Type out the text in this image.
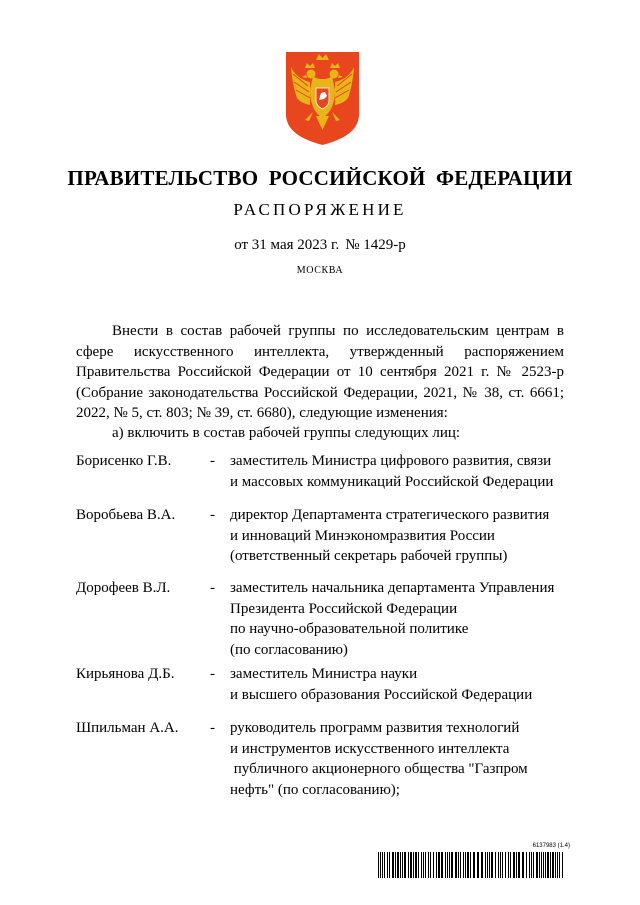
ПРАВИТЕЛЬСТВО РОССИЙСКОЙ ФЕДЕРАЦИИ
РАСПОРЯЖЕНИЕ
от 31 мая 2023 г. № 1429-р
МОСКВА
Внести в состав рабочей группы по исследовательским центрам в сфере искусственного интеллекта, утвержденный распоряжением Правительства Российской Федерации от 10 сентября 2021 г. № 2523-р (Собрание законодательства Российской Федерации, 2021, № 38, ст. 6661; 2022, № 5, ст. 803; № 39, ст. 6680), следующие изменения:
а) включить в состав рабочей группы следующих лиц:
Борисенко Г.В.	- заместитель Министра цифрового развития, связи
и массовых коммуникаций Российской Федерации
Воробьева В.А.	- директор Департамента стратегического развития
и инноваций Минэкономразвития России
(ответственный секретарь рабочей группы)
Дорофеев В.Л.	- заместитель начальника департамента Управления
Президента Российской Федерации
по научно-образовательной политике
(по согласованию)
Кирьянова Д.Б.	- заместитель Министра науки
и высшего образования Российской Федерации
Шпильман А.А.	- руководитель программ развития технологий
и инструментов искусственного интеллекта
публичного акционерного общества "Газпром
нефть" (по согласованию);
6137983 (1.4)
